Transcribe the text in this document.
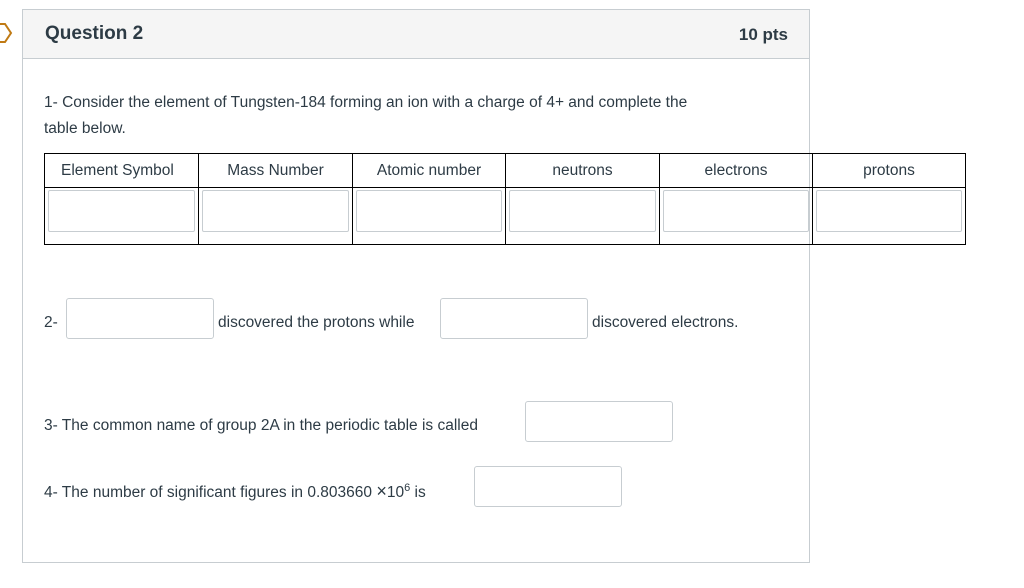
Question 2	10 pts
1- Consider the element of Tungsten-184 forming an ion with a charge of 4+ and complete the
table below.
2-	discovered the protons while	discovered electrons.
3- The common name of group 2A in the periodic table is called
4- The number of significant figures in $0.803660 \times 10^6$ is
Element Symbol	Mass Number	Atomic number	neutrons	electrons	protons
